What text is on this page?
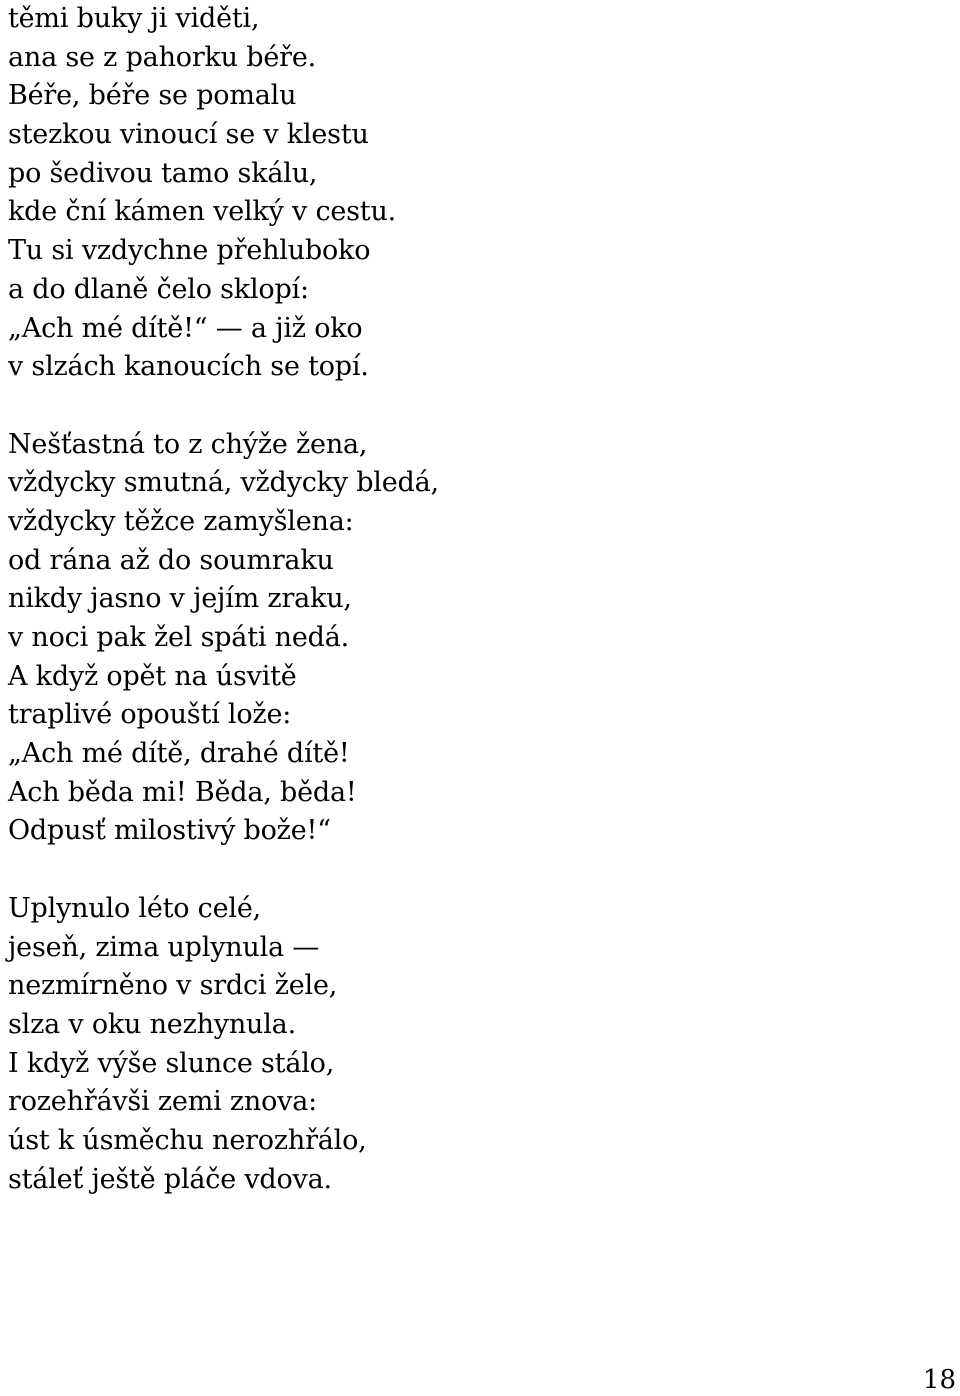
těmi buky ji viděti,
ana se z pahorku béře.
Béře, béře se pomalu
stezkou vinoucí se v klestu
po šedivou tamo skálu,
kde ční kámen velký v cestu.
Tu si vzdychne přehluboko
a do dlaně čelo sklopí:
„Ach mé dítě!“ — a již oko
v slzách kanoucích se topí.
Nešťastná to z chýže žena,
vždycky smutná, vždycky bledá,
vždycky těžce zamyšlena:
od rána až do soumraku
nikdy jasno v jejím zraku,
v noci pak žel spáti nedá.
A když opět na úsvitě
traplivé opouští lože:
„Ach mé dítě, drahé dítě!
Ach běda mi! Běda, běda!
Odpusť milostivý bože!“
Uplynulo léto celé,
jeseň, zima uplynula —
nezmírněno v srdci žele,
slza v oku nezhynula.
I když výše slunce stálo,
rozehřávši zemi znova:
úst k úsměchu nerozhřálo,
stáleť ještě pláče vdova.
18
